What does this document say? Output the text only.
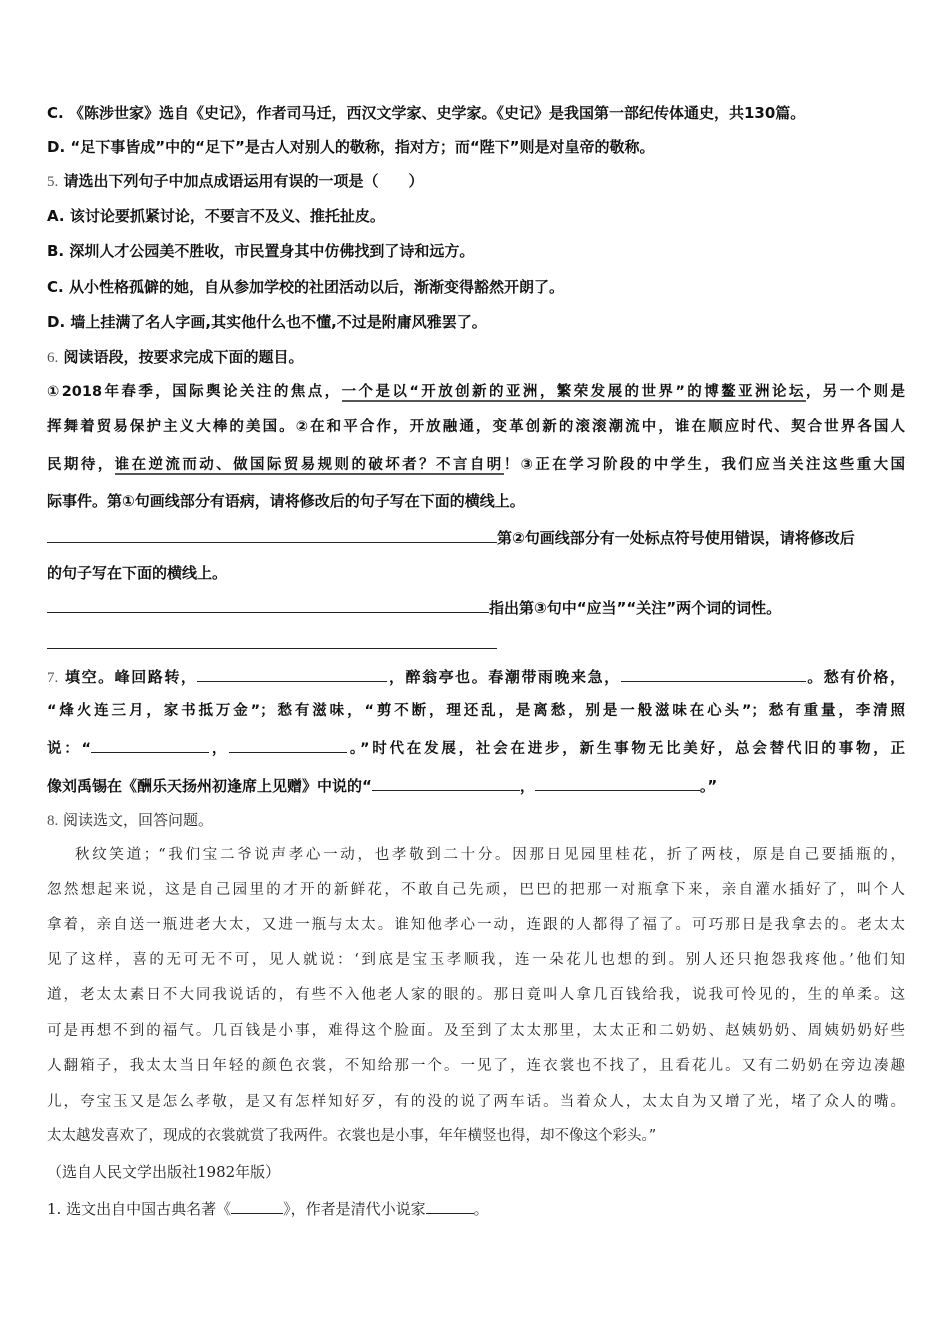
C. 《陈涉世家》选自《史记》，作者司马迁，西汉文学家、史学家。《史记》是我国第一部纪传体通史，共130篇。
D. “足下事皆成”中的“足下”是古人对别人的敬称，指对方；而“陛下”则是对皇帝的敬称。
5. 请选出下列句子中加点成语运用有误的一项是（　　）
A. 该讨论要抓紧讨论，不要言不及义、推托扯皮。
B. 深圳人才公园美不胜收，市民置身其中仿佛找到了诗和远方。
C. 从小性格孤僻的她，自从参加学校的社团活动以后，渐渐变得豁然开朗了。
D. 墙上挂满了名人字画,其实他什么也不懂,不过是附庸风雅罢了。
6. 阅读语段，按要求完成下面的题目。
①2018年春季，国际舆论关注的焦点，一个是以“开放创新的亚洲，繁荣发展的世界”的博鳌亚洲论坛，另一个则是
挥舞着贸易保护主义大棒的美国。②在和平合作，开放融通，变革创新的滚滚潮流中，谁在顺应时代、契合世界各国人
民期待，谁在逆流而动、做国际贸易规则的破坏者？不言自明！③正在学习阶段的中学生，我们应当关注这些重大国
际事件。第①句画线部分有语病，请将修改后的句子写在下面的横线上。
第②句画线部分有一处标点符号使用错误，请将修改后
的句子写在下面的横线上。
指出第③句中“应当”“关注”两个词的词性。
7. 填空。峰回路转，	，醉翁亭也。春潮带雨晚来急，	。愁有价格，
“烽火连三月，家书抵万金”；愁有滋味，“剪不断，理还乱，是离愁，别是一般滋味在心头”；愁有重量，李清照
说：“	，	。”时代在发展，社会在进步，新生事物无比美好，总会替代旧的事物，正
像刘禹锡在《酬乐天扬州初逢席上见赠》中说的“	，	。”
8. 阅读选文，回答问题。
秋纹笑道；“我们宝二爷说声孝心一动，也孝敬到二十分。因那日见园里桂花，折了两枝，原是自己要插瓶的，
忽然想起来说，这是自己园里的才开的新鲜花，不敢自己先顽，巴巴的把那一对瓶拿下来，亲自灌水插好了，叫个人
拿着，亲自送一瓶进老大太，又进一瓶与太太。谁知他孝心一动，连跟的人都得了福了。可巧那日是我拿去的。老太太
见了这样，喜的无可无不可，见人就说：‘到底是宝玉孝顺我，连一朵花儿也想的到。别人还只抱怨我疼他。’他们知
道，老太太素日不大同我说话的，有些不入他老人家的眼的。那日竟叫人拿几百钱给我，说我可怜见的，生的单柔。这
可是再想不到的福气。几百钱是小事，难得这个脸面。及至到了太太那里，太太正和二奶奶、赵姨奶奶、周姨奶奶好些
人翻箱子，我太太当日年轻的颜色衣裳，不知给那一个。一见了，连衣裳也不找了，且看花儿。又有二奶奶在旁边凑趣
儿，夸宝玉又是怎么孝敬，是又有怎样知好歹，有的没的说了两车话。当着众人，太太自为又增了光，堵了众人的嘴。
太太越发喜欢了，现成的衣裳就赏了我两件。衣裳也是小事，年年横竖也得，却不像这个彩头。”
（选自人民文学出版社1982年版）
1. 选文出自中国古典名著《	》，作者是清代小说家	。
